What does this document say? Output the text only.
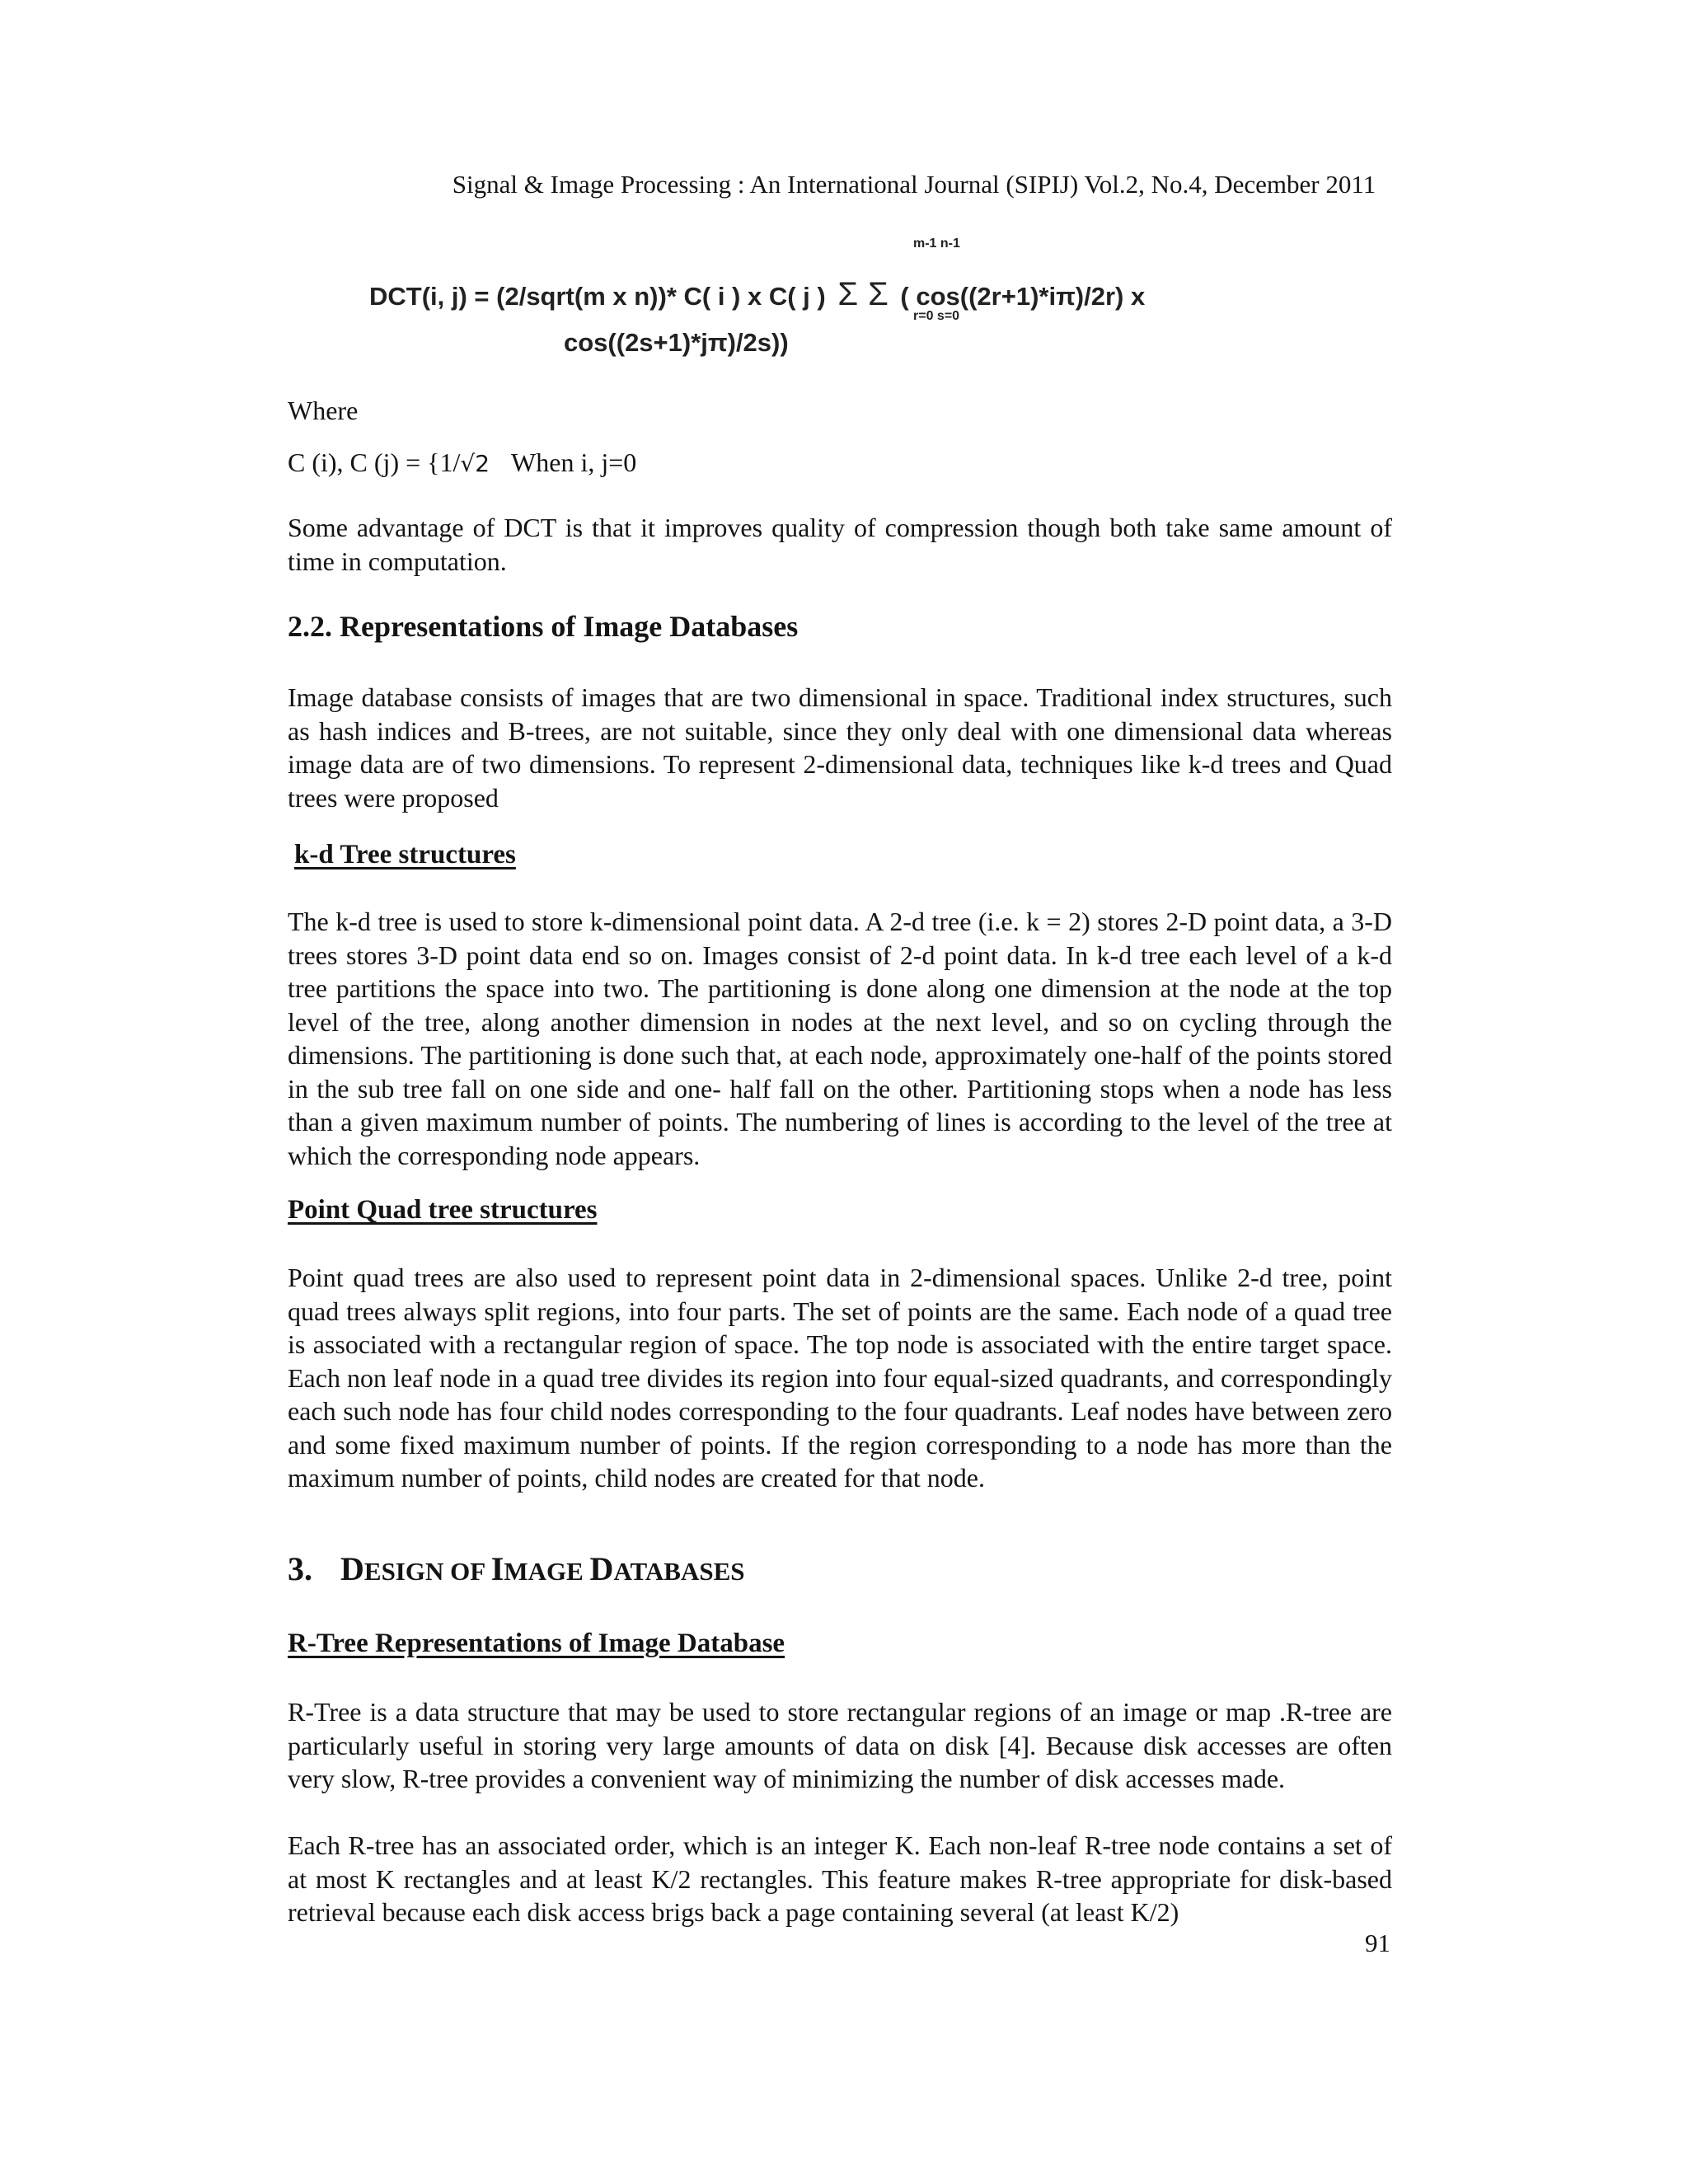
Signal & Image Processing : An International Journal (SIPIJ) Vol.2, No.4, December 2011
m-1 n-1
DCT(i, j) = (2/sqrt(m x n))* C( i ) x C( j ) Σ Σ ( cos((2r+1)*iπ)/2r) x
r=0 s=0
cos((2s+1)*jπ)/2s))
Where
C (i), C (j) = {1/√2 When i, j=0
Some advantage of DCT is that it improves quality of compression though both take same amount of time in computation.
2.2. Representations of Image Databases
Image database consists of images that are two dimensional in space. Traditional index structures, such as hash indices and B-trees, are not suitable, since they only deal with one dimensional data whereas image data are of two dimensions. To represent 2-dimensional data, techniques like k-d trees and Quad trees were proposed
k-d Tree structures
The k-d tree is used to store k-dimensional point data. A 2-d tree (i.e. k = 2) stores 2-D point data, a 3-D trees stores 3-D point data end so on. Images consist of 2-d point data. In k-d tree each level of a k-d tree partitions the space into two. The partitioning is done along one dimension at the node at the top level of the tree, along another dimension in nodes at the next level, and so on cycling through the dimensions. The partitioning is done such that, at each node, approximately one-half of the points stored in the sub tree fall on one side and one- half fall on the other. Partitioning stops when a node has less than a given maximum number of points. The numbering of lines is according to the level of the tree at which the corresponding node appears.
Point Quad tree structures
Point quad trees are also used to represent point data in 2-dimensional spaces. Unlike 2-d tree, point quad trees always split regions, into four parts. The set of points are the same. Each node of a quad tree is associated with a rectangular region of space. The top node is associated with the entire target space. Each non leaf node in a quad tree divides its region into four equal-sized quadrants, and correspondingly each such node has four child nodes corresponding to the four quadrants. Leaf nodes have between zero and some fixed maximum number of points. If the region corresponding to a node has more than the maximum number of points, child nodes are created for that node.
3. DESIGN OF IMAGE DATABASES
R-Tree Representations of Image Database
R-Tree is a data structure that may be used to store rectangular regions of an image or map .R-tree are particularly useful in storing very large amounts of data on disk [4]. Because disk accesses are often very slow, R-tree provides a convenient way of minimizing the number of disk accesses made.
Each R-tree has an associated order, which is an integer K. Each non-leaf R-tree node contains a set of at most K rectangles and at least K/2 rectangles. This feature makes R-tree appropriate for disk-based retrieval because each disk access brigs back a page containing several (at least K/2)
91
